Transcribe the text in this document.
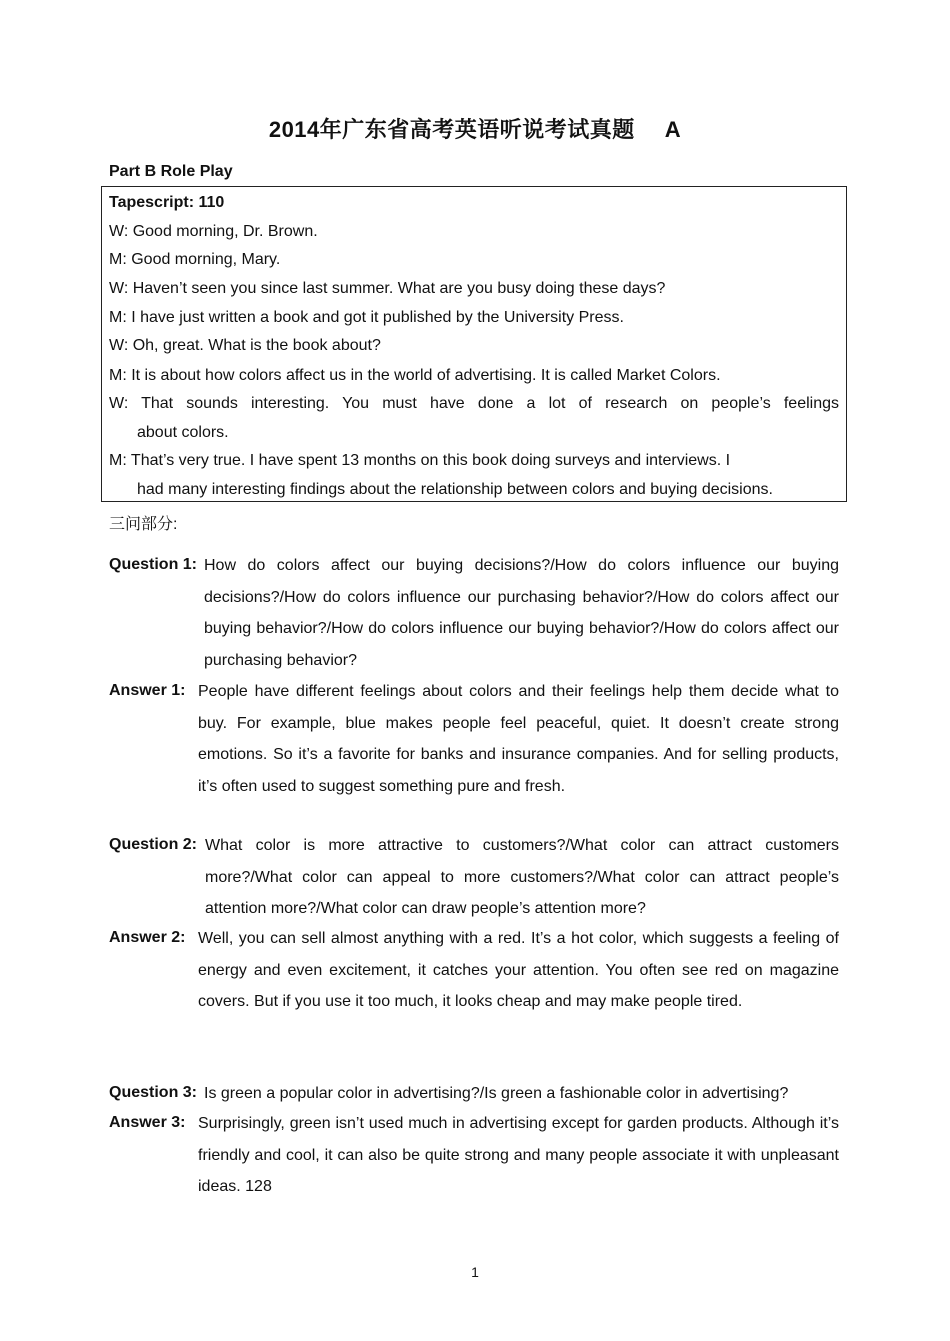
2014年广东省高考英语听说考试真题 A
Part B Role Play
Tapescript: 110
W: Good morning, Dr. Brown.
M: Good morning, Mary.
W: Haven’t seen you since last summer. What are you busy doing these days?
M: I have just written a book and got it published by the University Press.
W: Oh, great. What is the book about?
M: It is about how colors affect us in the world of advertising. It is called Market Colors.
W: That sounds interesting. You must have done a lot of research on people’s feelings
about colors.
M: That’s very true. I have spent 13 months on this book doing surveys and interviews. I
had many interesting findings about the relationship between colors and buying decisions.
三问部分:
Question 1: How do colors affect our buying decisions?/How do colors influence our buying decisions?/How do colors influence our purchasing behavior?/How do colors affect our buying behavior?/How do colors influence our buying behavior?/How do colors affect our purchasing behavior?
Answer 1: People have different feelings about colors and their feelings help them decide what to buy. For example, blue makes people feel peaceful, quiet. It doesn’t create strong emotions. So it’s a favorite for banks and insurance companies. And for selling products, it’s often used to suggest something pure and fresh.
Question 2: What color is more attractive to customers?/What color can attract customers more?/What color can appeal to more customers?/What color can attract people’s attention more?/What color can draw people’s attention more?
Answer 2: Well, you can sell almost anything with a red. It’s a hot color, which suggests a feeling of energy and even excitement, it catches your attention. You often see red on magazine covers. But if you use it too much, it looks cheap and may make people tired.
Question 3: Is green a popular color in advertising?/Is green a fashionable color in advertising?
Answer 3: Surprisingly, green isn’t used much in advertising except for garden products. Although it’s friendly and cool, it can also be quite strong and many people associate it with unpleasant ideas. 128
1
